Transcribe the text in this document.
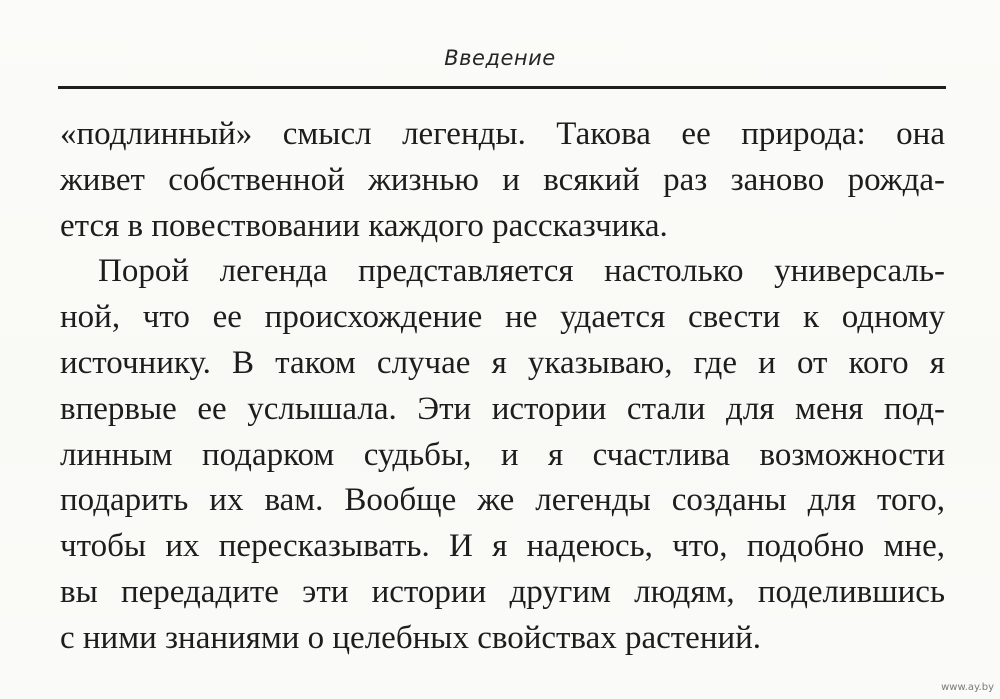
Введение
«подлинный» смысл легенды. Такова ее природа: она
живет собственной жизнью и всякий раз заново рожда-
ется в повествовании каждого рассказчика.
Порой легенда представляется настолько универсаль-
ной, что ее происхождение не удается свести к одному
источнику. В таком случае я указываю, где и от кого я
впервые ее услышала. Эти истории стали для меня под-
линным подарком судьбы, и я счастлива возможности
подарить их вам. Вообще же легенды созданы для того,
чтобы их пересказывать. И я надеюсь, что, подобно мне,
вы передадите эти истории другим людям, поделившись
с ними знаниями о целебных свойствах растений.
www.ay.by
